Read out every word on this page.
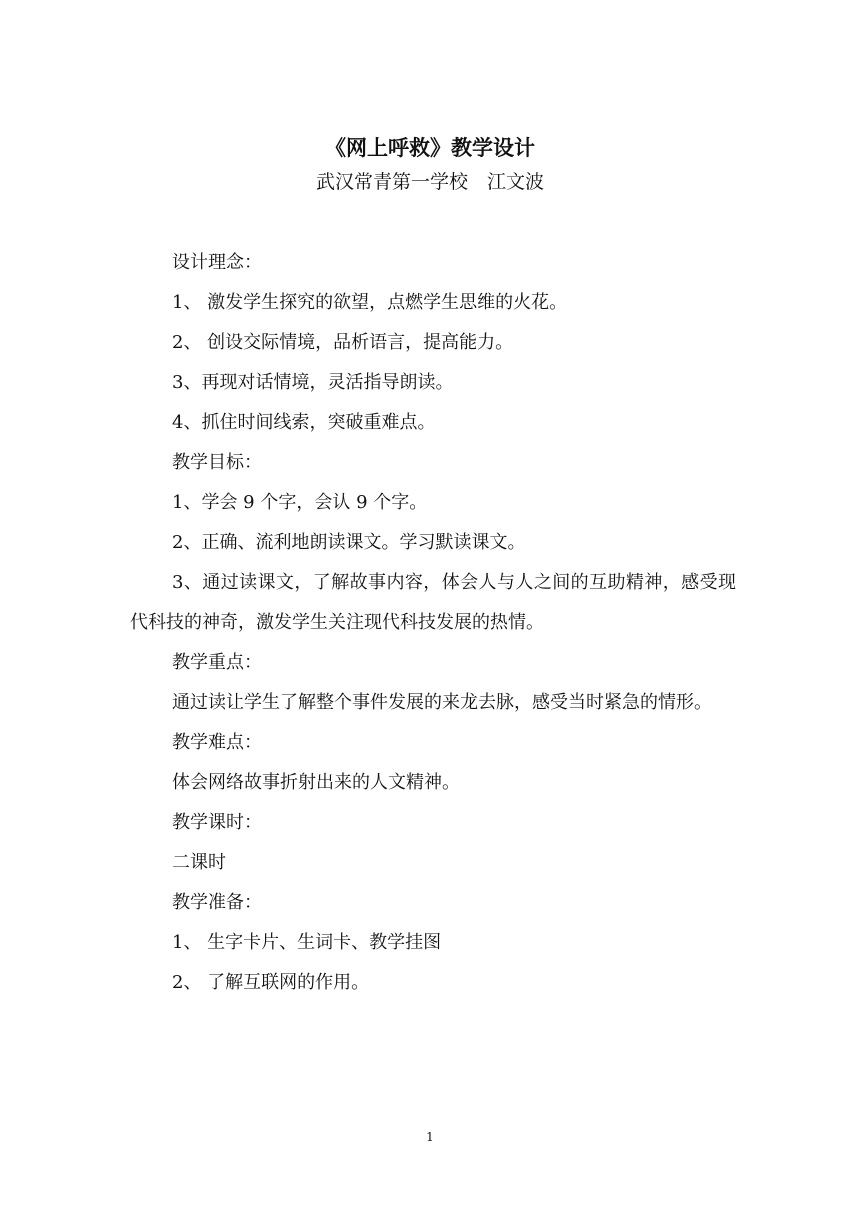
《网上呼救》教学设计
武汉常青第一学校　江文波

设计理念：

1、 激发学生探究的欲望，点燃学生思维的火花。

2、 创设交际情境，品析语言，提高能力。

3、再现对话情境，灵活指导朗读。

4、抓住时间线索，突破重难点。

教学目标：

1、学会 9 个字，会认 9 个字。

2、正确、流利地朗读课文。学习默读课文。

3、通过读课文，了解故事内容，体会人与人之间的互助精神，感受现代科技的神奇，激发学生关注现代科技发展的热情。

教学重点：

通过读让学生了解整个事件发展的来龙去脉，感受当时紧急的情形。

教学难点：

体会网络故事折射出来的人文精神。

教学课时：

二课时

教学准备：

1、 生字卡片、生词卡、教学挂图

2、 了解互联网的作用。

1
